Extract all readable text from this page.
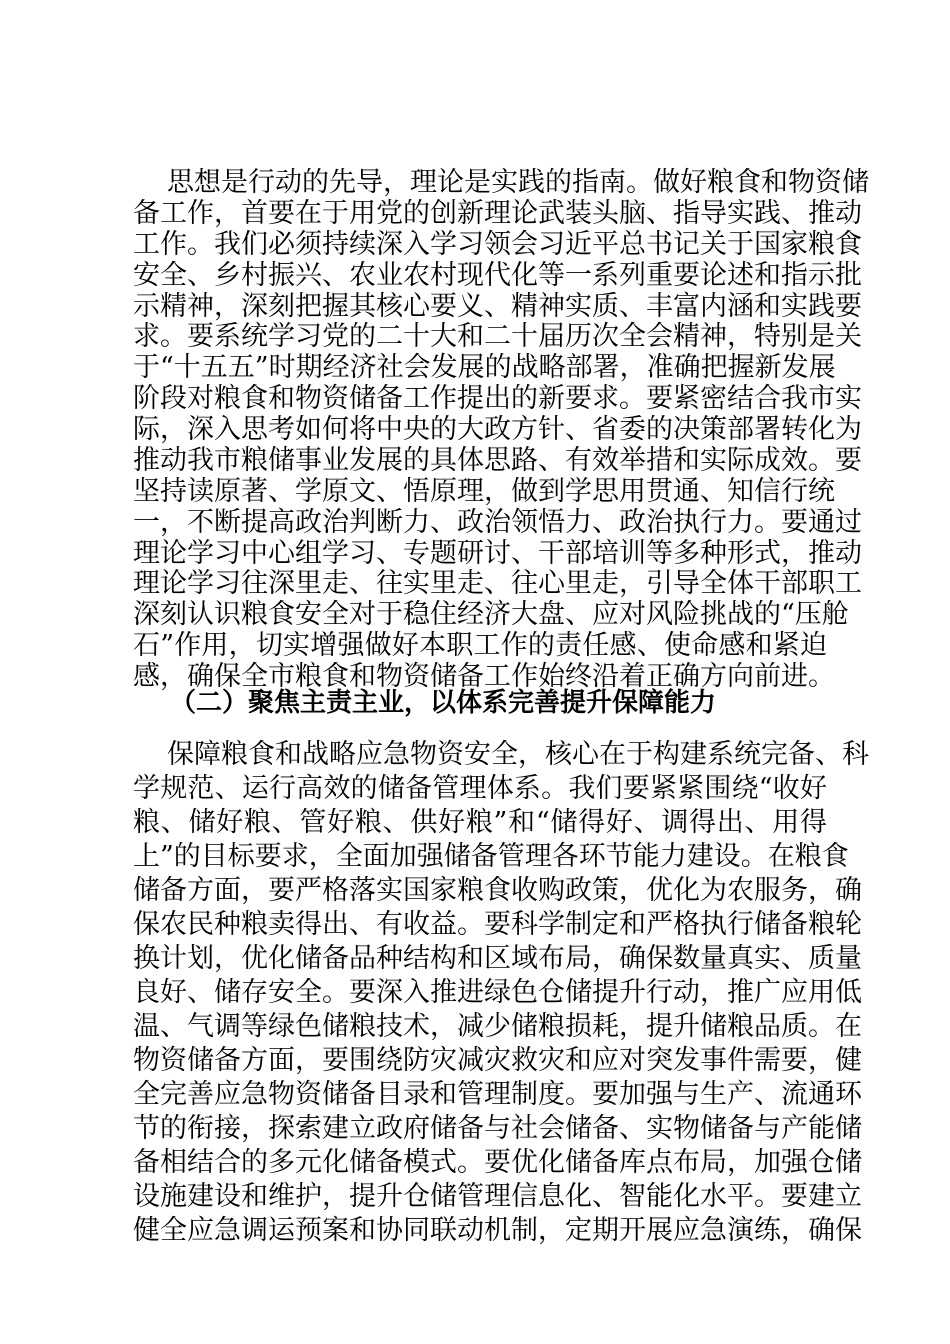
思想是行动的先导，理论是实践的指南。做好粮食和物资储
备工作，首要在于用党的创新理论武装头脑、指导实践、推动
工作。我们必须持续深入学习领会习近平总书记关于国家粮食
安全、乡村振兴、农业农村现代化等一系列重要论述和指示批
示精神，深刻把握其核心要义、精神实质、丰富内涵和实践要
求。要系统学习党的二十大和二十届历次全会精神，特别是关
于“十五五”时期经济社会发展的战略部署，准确把握新发展
阶段对粮食和物资储备工作提出的新要求。要紧密结合我市实
际，深入思考如何将中央的大政方针、省委的决策部署转化为
推动我市粮储事业发展的具体思路、有效举措和实际成效。要
坚持读原著、学原文、悟原理，做到学思用贯通、知信行统
一，不断提高政治判断力、政治领悟力、政治执行力。要通过
理论学习中心组学习、专题研讨、干部培训等多种形式，推动
理论学习往深里走、往实里走、往心里走，引导全体干部职工
深刻认识粮食安全对于稳住经济大盘、应对风险挑战的“压舱
石”作用，切实增强做好本职工作的责任感、使命感和紧迫
感，确保全市粮食和物资储备工作始终沿着正确方向前进。
（二）聚焦主责主业，以体系完善提升保障能力
保障粮食和战略应急物资安全，核心在于构建系统完备、科
学规范、运行高效的储备管理体系。我们要紧紧围绕“收好
粮、储好粮、管好粮、供好粮”和“储得好、调得出、用得
上”的目标要求，全面加强储备管理各环节能力建设。在粮食
储备方面，要严格落实国家粮食收购政策，优化为农服务，确
保农民种粮卖得出、有收益。要科学制定和严格执行储备粮轮
换计划，优化储备品种结构和区域布局，确保数量真实、质量
良好、储存安全。要深入推进绿色仓储提升行动，推广应用低
温、气调等绿色储粮技术，减少储粮损耗，提升储粮品质。在
物资储备方面，要围绕防灾减灾救灾和应对突发事件需要，健
全完善应急物资储备目录和管理制度。要加强与生产、流通环
节的衔接，探索建立政府储备与社会储备、实物储备与产能储
备相结合的多元化储备模式。要优化储备库点布局，加强仓储
设施建设和维护，提升仓储管理信息化、智能化水平。要建立
健全应急调运预案和协同联动机制，定期开展应急演练，确保
